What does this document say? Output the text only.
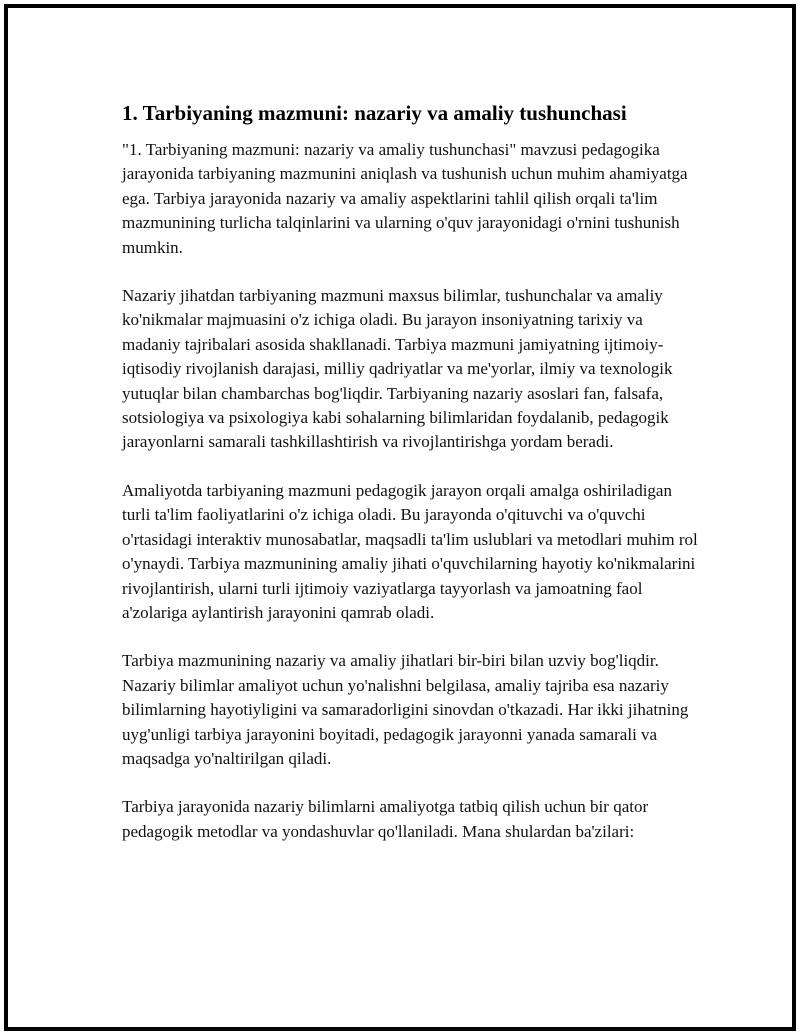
1. Tarbiyaning mazmuni: nazariy va amaliy tushunchasi

"1. Tarbiyaning mazmuni: nazariy va amaliy tushunchasi" mavzusi pedagogika jarayonida tarbiyaning mazmunini aniqlash va tushunish uchun muhim ahamiyatga ega. Tarbiya jarayonida nazariy va amaliy aspektlarini tahlil qilish orqali ta'lim mazmunining turlicha talqinlarini va ularning o'quv jarayonidagi o'rnini tushunish mumkin.

Nazariy jihatdan tarbiyaning mazmuni maxsus bilimlar, tushunchalar va amaliy ko'nikmalar majmuasini o'z ichiga oladi. Bu jarayon insoniyatning tarixiy va madaniy tajribalari asosida shakllanadi. Tarbiya mazmuni jamiyatning ijtimoiy-iqtisodiy rivojlanish darajasi, milliy qadriyatlar va me'yorlar, ilmiy va texnologik yutuqlar bilan chambarchas bog'liqdir. Tarbiyaning nazariy asoslari fan, falsafa, sotsiologiya va psixologiya kabi sohalarning bilimlaridan foydalanib, pedagogik jarayonlarni samarali tashkillashtirish va rivojlantirishga yordam beradi.

Amaliyotda tarbiyaning mazmuni pedagogik jarayon orqali amalga oshiriladigan turli ta'lim faoliyatlarini o'z ichiga oladi. Bu jarayonda o'qituvchi va o'quvchi o'rtasidagi interaktiv munosabatlar, maqsadli ta'lim uslublari va metodlari muhim rol o'ynaydi. Tarbiya mazmunining amaliy jihati o'quvchilarning hayotiy ko'nikmalarini rivojlantirish, ularni turli ijtimoiy vaziyatlarga tayyorlash va jamoatning faol a'zolariga aylantirish jarayonini qamrab oladi.

Tarbiya mazmunining nazariy va amaliy jihatlari bir-biri bilan uzviy bog'liqdir. Nazariy bilimlar amaliyot uchun yo'nalishni belgilasa, amaliy tajriba esa nazariy bilimlarning hayotiyligini va samaradorligini sinovdan o'tkazadi. Har ikki jihatning uyg'unligi tarbiya jarayonini boyitadi, pedagogik jarayonni yanada samarali va maqsadga yo'naltirilgan qiladi.

Tarbiya jarayonida nazariy bilimlarni amaliyotga tatbiq qilish uchun bir qator pedagogik metodlar va yondashuvlar qo'llaniladi. Mana shulardan ba'zilari:
